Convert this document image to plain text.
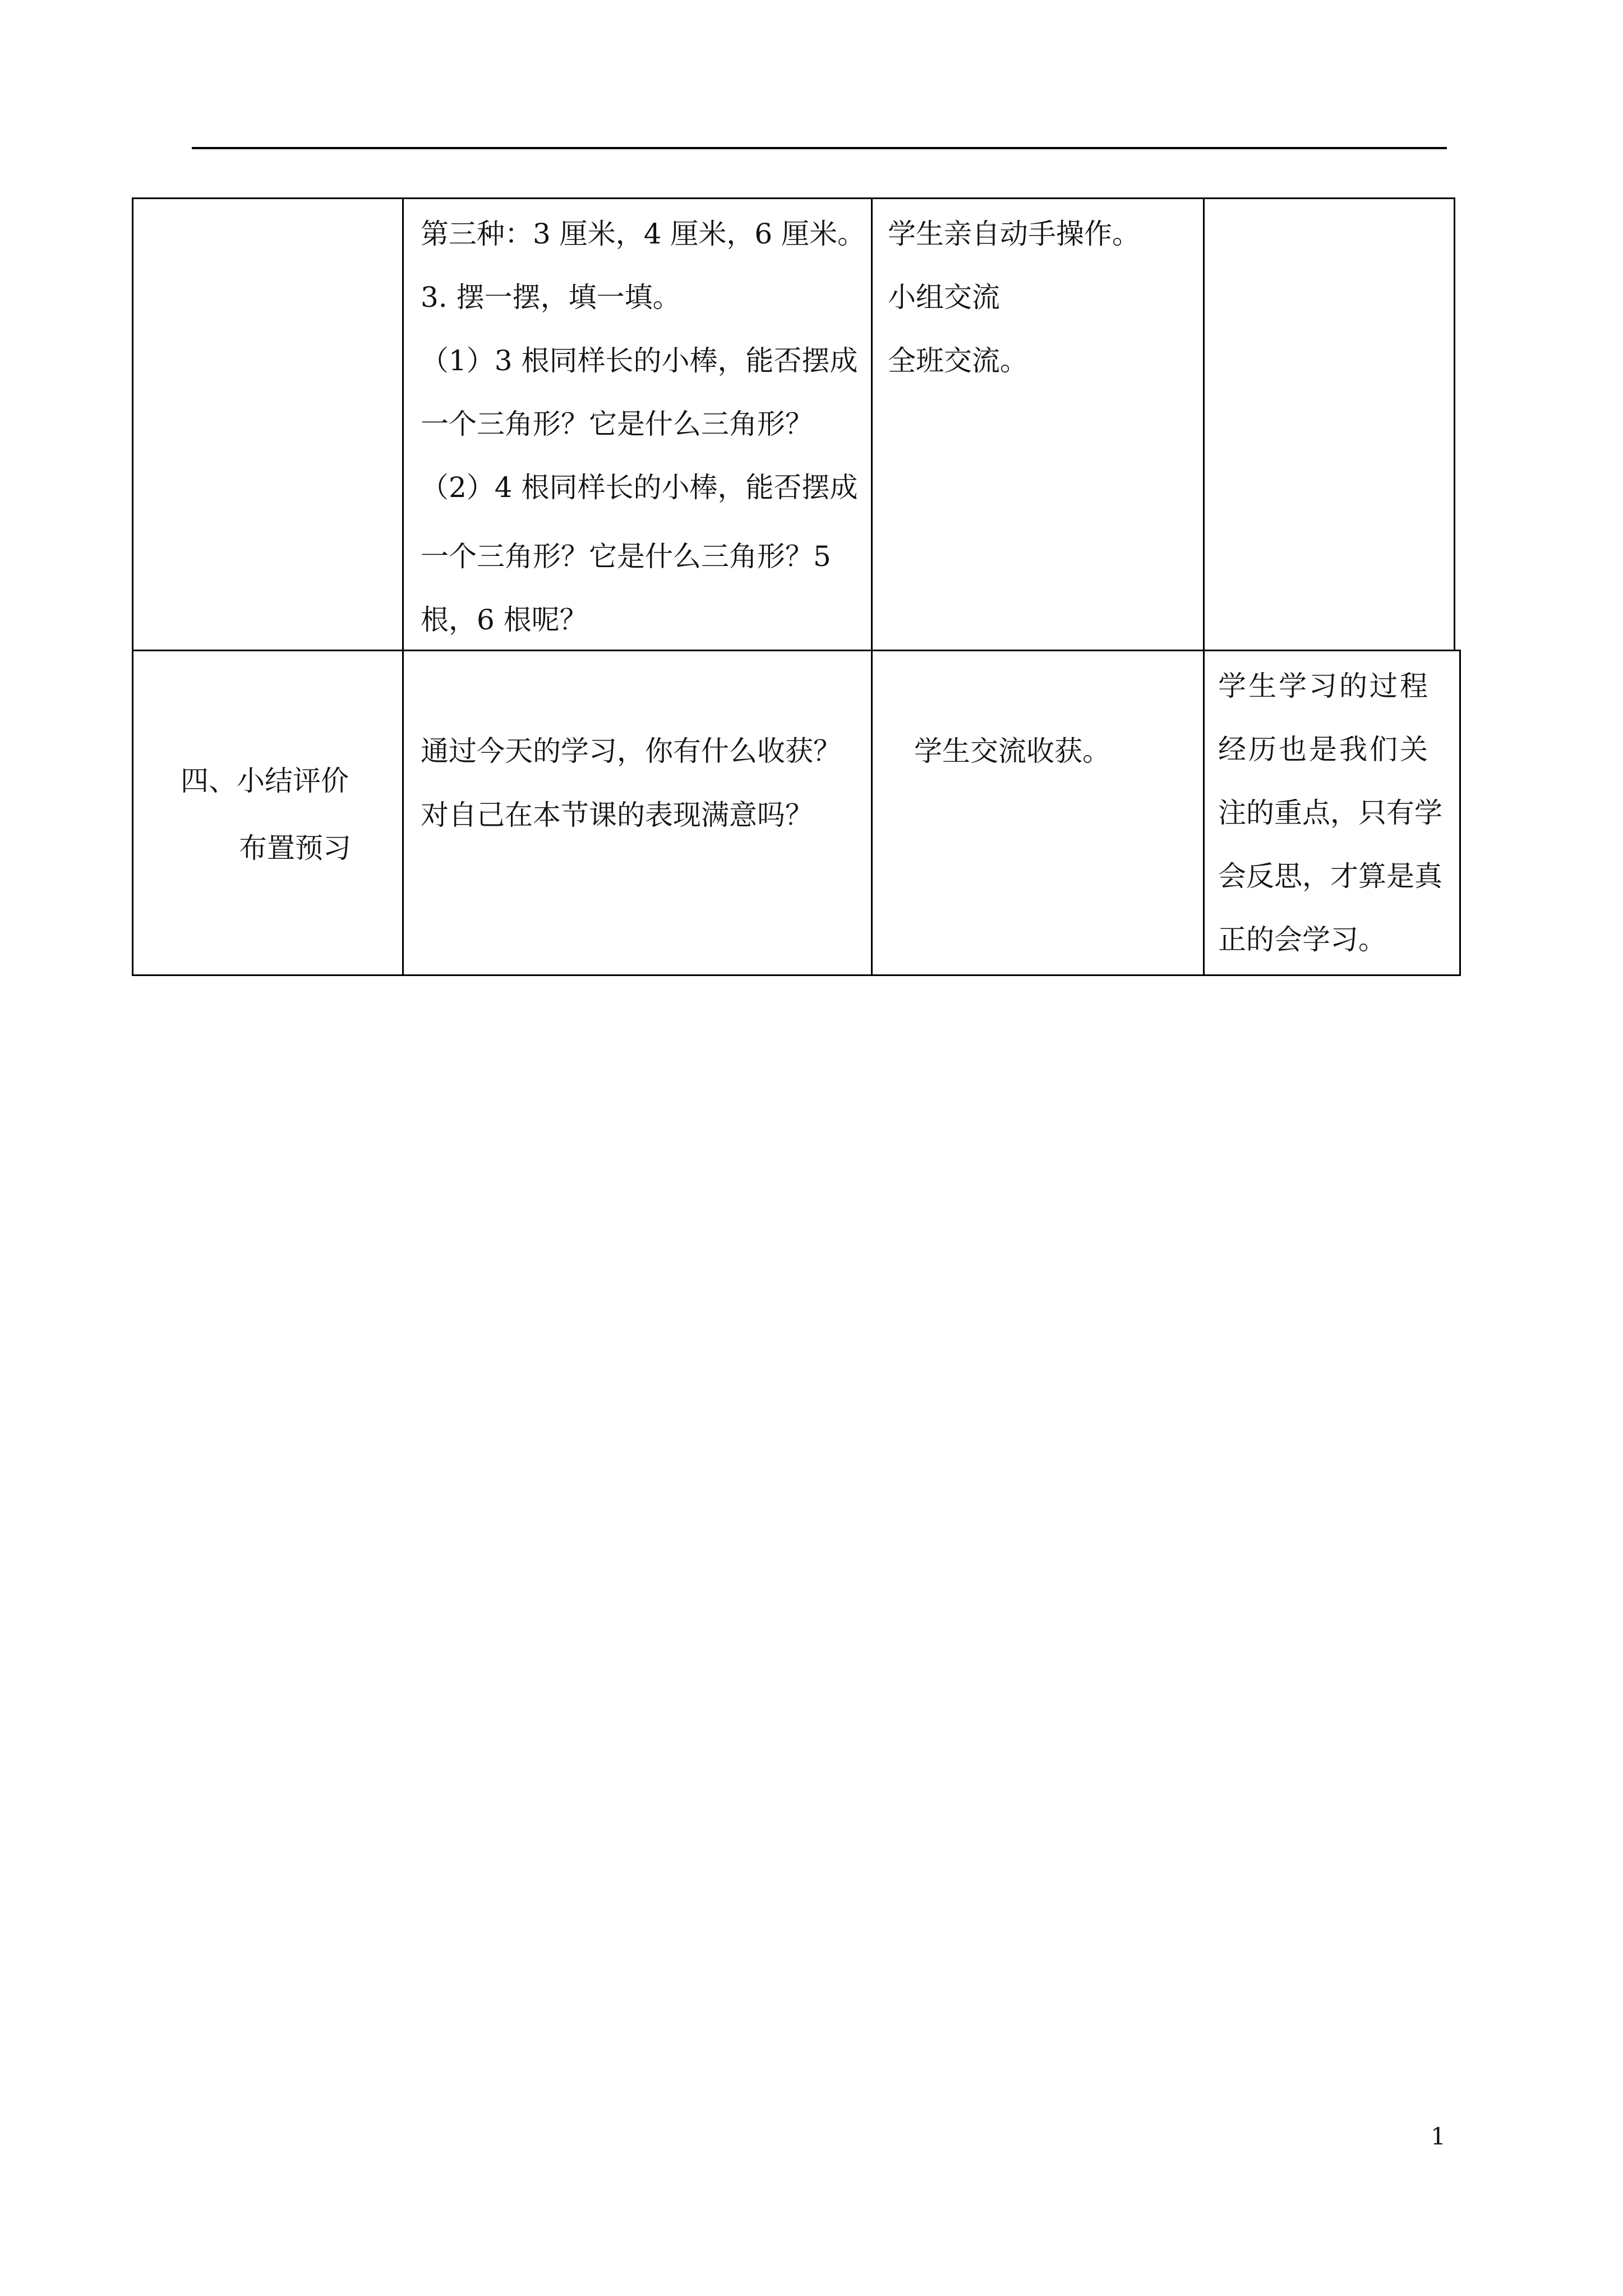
第三种：3 厘米，4 厘米，6 厘米。
3. 摆一摆，填一填。
（1）3 根同样长的小棒，能否摆成
一个三角形？它是什么三角形？
（2）4 根同样长的小棒，能否摆成
一个三角形？它是什么三角形？5
根，6 根呢？
学生亲自动手操作。
小组交流
全班交流。
四、小结评价
布置预习
通过今天的学习，你有什么收获？
对自己在本节课的表现满意吗？
学生交流收获。
学生学习的过程
经历也是我们关
注的重点，只有学
会反思，才算是真
正的会学习。
1
